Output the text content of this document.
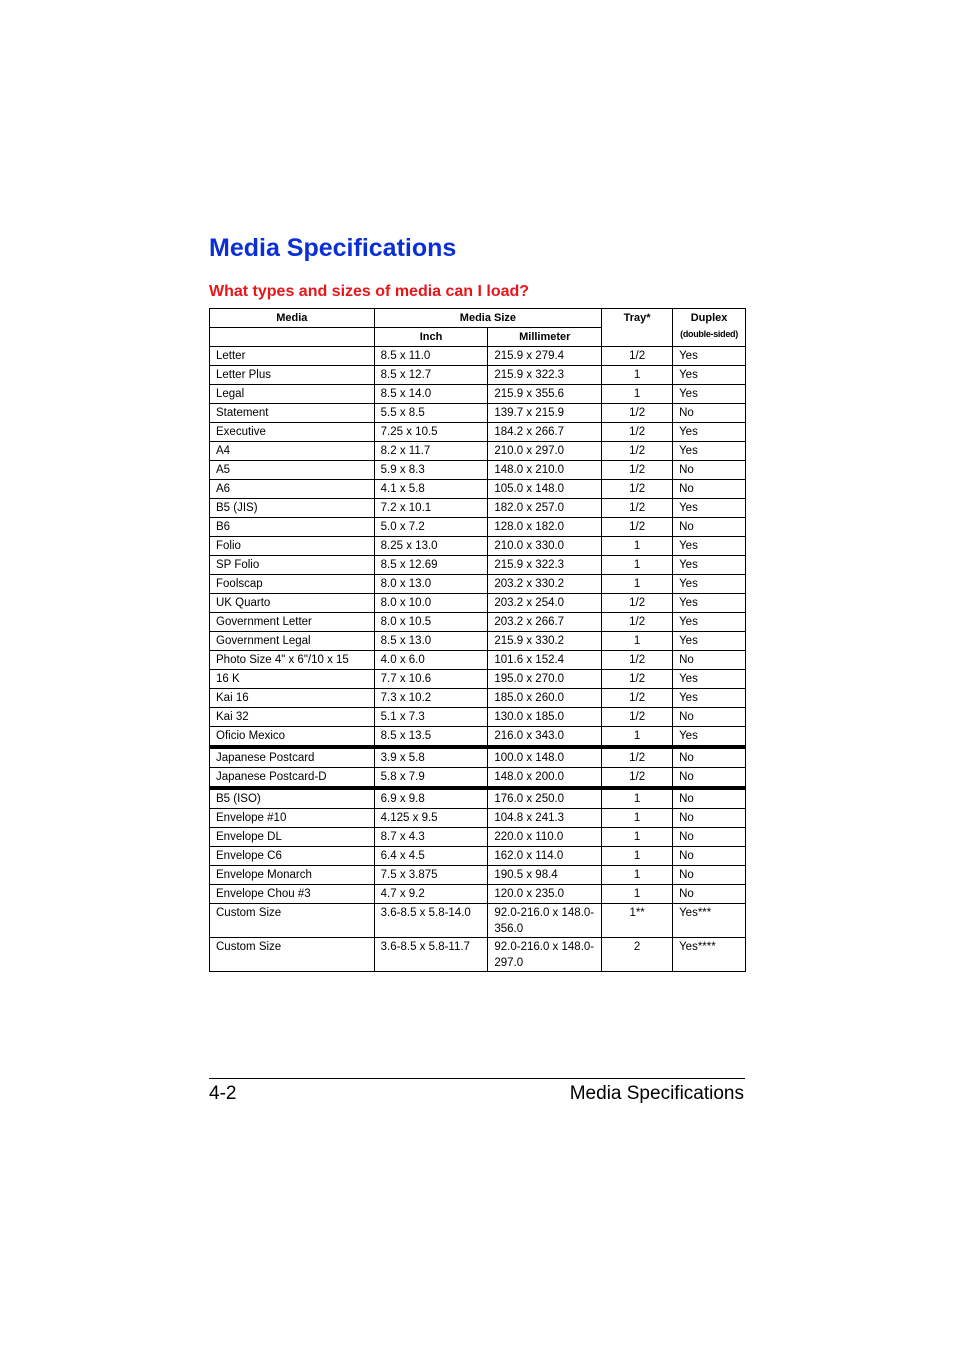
Media Specifications
What types and sizes of media can I load?
Media	Media Size		Tray*	Duplex
(double-sided)

	Inch	Millimeter		
Letter	8.5 x 11.0	215.9 x 279.4	1/2	Yes
Letter Plus	8.5 x 12.7	215.9 x 322.3	1	Yes
Legal	8.5 x 14.0	215.9 x 355.6	1	Yes
Statement	5.5 x 8.5	139.7 x 215.9	1/2	No
Executive	7.25 x 10.5	184.2 x 266.7	1/2	Yes
A4	8.2 x 11.7	210.0 x 297.0	1/2	Yes
A5	5.9 x 8.3	148.0 x 210.0	1/2	No
A6	4.1 x 5.8	105.0 x 148.0	1/2	No
B5 (JIS)	7.2 x 10.1	182.0 x 257.0	1/2	Yes
B6	5.0 x 7.2	128.0 x 182.0	1/2	No
Folio	8.25 x 13.0	210.0 x 330.0	1	Yes
SP Folio	8.5 x 12.69	215.9 x 322.3	1	Yes
Foolscap	8.0 x 13.0	203.2 x 330.2	1	Yes
UK Quarto	8.0 x 10.0	203.2 x 254.0	1/2	Yes
Government Letter	8.0 x 10.5	203.2 x 266.7	1/2	Yes
Government Legal	8.5 x 13.0	215.9 x 330.2	1	Yes
Photo Size 4" x 6"/10 x 15	4.0 x 6.0	101.6 x 152.4	1/2	No
16 K	7.7 x 10.6	195.0 x 270.0	1/2	Yes
Kai 16	7.3 x 10.2	185.0 x 260.0	1/2	Yes
Kai 32	5.1 x 7.3	130.0 x 185.0	1/2	No
Oficio Mexico	8.5 x 13.5	216.0 x 343.0	1	Yes
Japanese Postcard	3.9 x 5.8	100.0 x 148.0	1/2	No
Japanese Postcard-D	5.8 x 7.9	148.0 x 200.0	1/2	No
B5 (ISO)	6.9 x 9.8	176.0 x 250.0	1	No
Envelope #10	4.125 x 9.5	104.8 x 241.3	1	No
Envelope DL	8.7 x 4.3	220.0 x 110.0	1	No
Envelope C6	6.4 x 4.5	162.0 x 114.0	1	No
Envelope Monarch	7.5 x 3.875	190.5 x 98.4	1	No
Envelope Chou #3	4.7 x 9.2	120.0 x 235.0	1	No
Custom Size	3.6-8.5 x 5.8-14.0	92.0-216.0 x 148.0-356.0	1**	Yes***
Custom Size	3.6-8.5 x 5.8-11.7	92.0-216.0 x 148.0-297.0	2	Yes****
4-2	Media Specifications
